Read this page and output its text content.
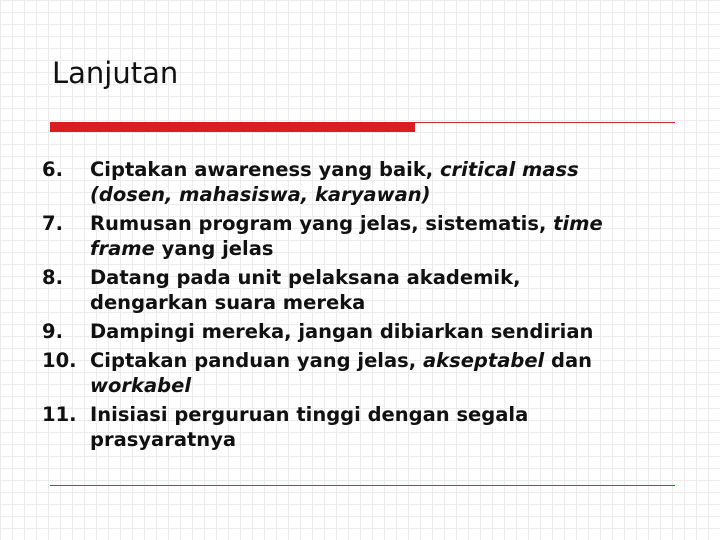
Lanjutan
6. Ciptakan awareness yang baik, critical mass
(dosen, mahasiswa, karyawan)
7. Rumusan program yang jelas, sistematis, time
frame yang jelas
8. Datang pada unit pelaksana akademik,
dengarkan suara mereka
9. Dampingi mereka, jangan dibiarkan sendirian
10. Ciptakan panduan yang jelas, akseptabel dan
workabel
11. Inisiasi perguruan tinggi dengan segala
prasyaratnya
